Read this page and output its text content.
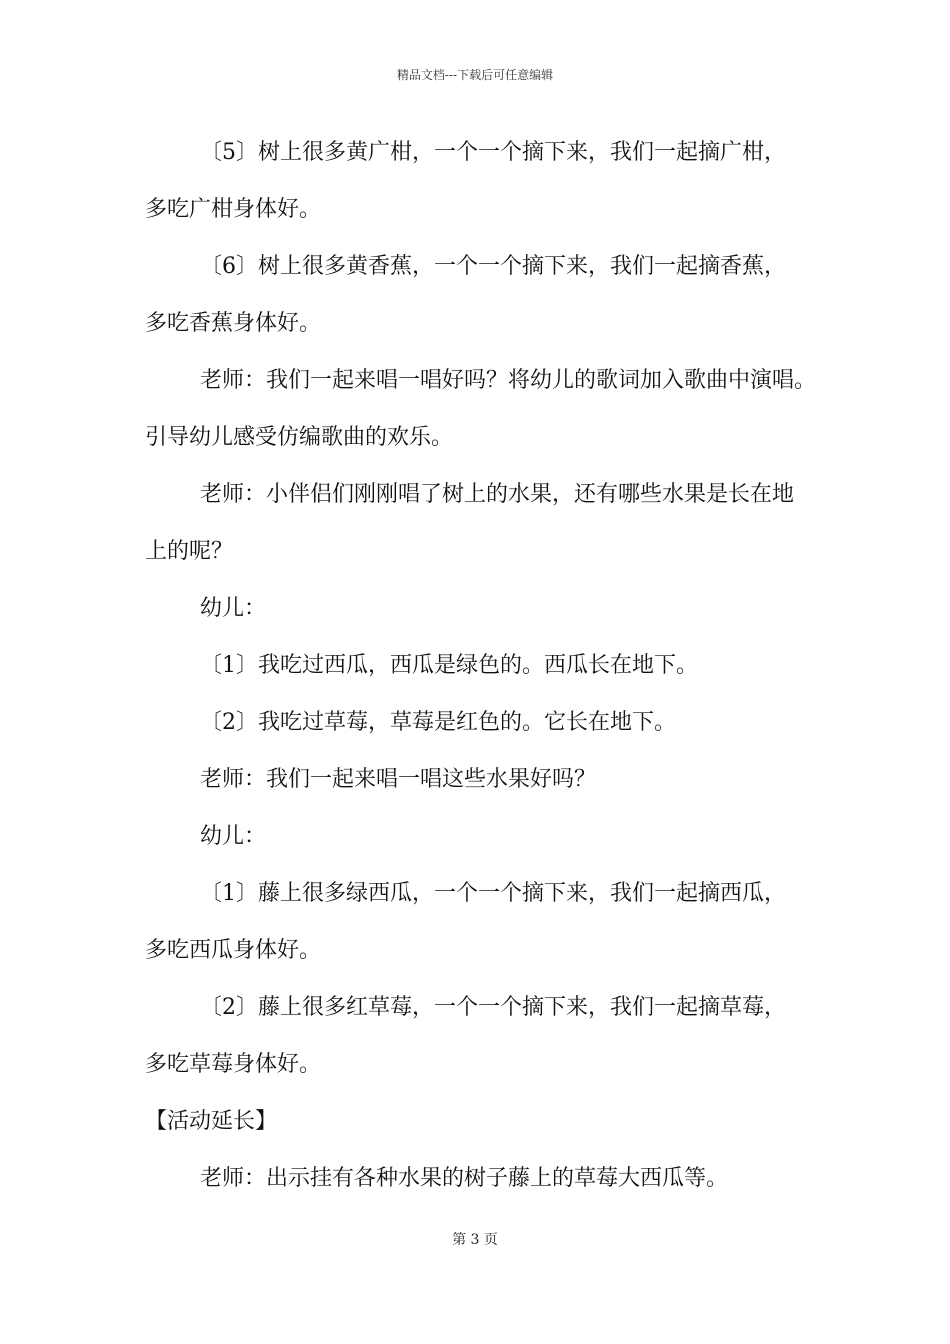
精品文档---下载后可任意编辑
〔5〕树上很多黄广柑，一个一个摘下来，我们一起摘广柑，
多吃广柑身体好。
〔6〕树上很多黄香蕉，一个一个摘下来，我们一起摘香蕉，
多吃香蕉身体好。
老师：我们一起来唱一唱好吗？将幼儿的歌词加入歌曲中演唱。
引导幼儿感受仿编歌曲的欢乐。
老师：小伴侣们刚刚唱了树上的水果，还有哪些水果是长在地
上的呢？
幼儿：
〔1〕我吃过西瓜，西瓜是绿色的。西瓜长在地下。
〔2〕我吃过草莓，草莓是红色的。它长在地下。
老师：我们一起来唱一唱这些水果好吗？
幼儿：
〔1〕藤上很多绿西瓜，一个一个摘下来，我们一起摘西瓜，
多吃西瓜身体好。
〔2〕藤上很多红草莓，一个一个摘下来，我们一起摘草莓，
多吃草莓身体好。
【活动延长】
老师：出示挂有各种水果的树子藤上的草莓大西瓜等。
第 3 页
